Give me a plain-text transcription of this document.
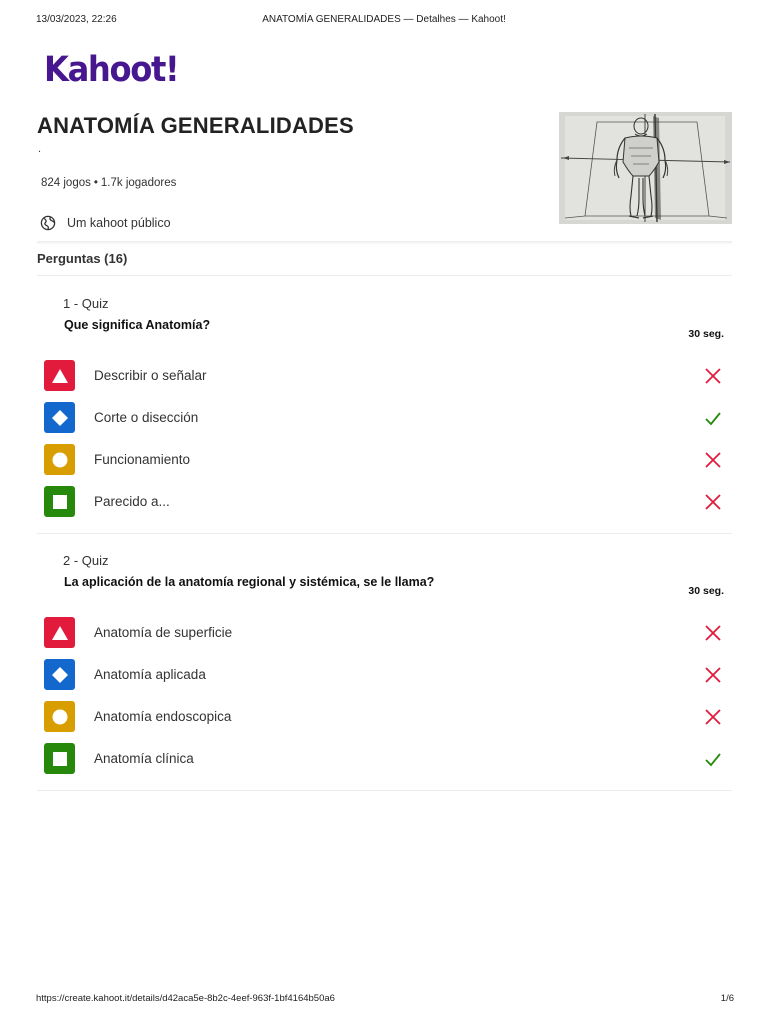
13/03/2023, 22:26	ANATOMÍA GENERALIDADES — Detalhes — Kahoot!
Kahoot!
ANATOMÍA GENERALIDADES
.
824 jogos • 1.7k jogadores
Um kahoot público
Perguntas (16)
1 - Quiz
Que significa Anatomía?
30 seg.
Describir o señalar
Corte o disección
Funcionamiento
Parecido a...
2 - Quiz
La aplicación de la anatomía regional y sistémica, se le llama?
30 seg.
Anatomía de superficie
Anatomía aplicada
Anatomía endoscopica
Anatomía clínica
https://create.kahoot.it/details/d42aca5e-8b2c-4eef-963f-1bf4164b50a6	1/6
